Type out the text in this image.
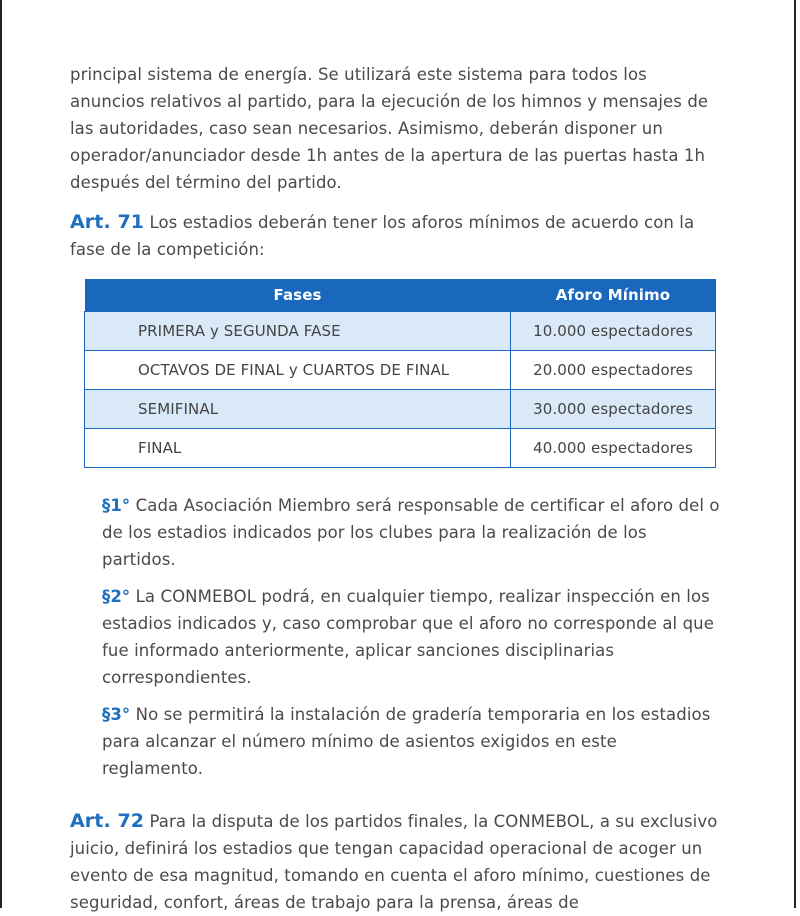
principal sistema de energía. Se utilizará este sistema para todos los anuncios relativos al partido, para la ejecución de los himnos y mensajes de las autoridades, caso sean necesarios. Asimismo, deberán disponer un operador/anunciador desde 1h antes de la apertura de las puertas hasta 1h después del término del partido.

Art. 71 Los estadios deberán tener los aforos mínimos de acuerdo con la fase de la competición:

Fases	Aforo Mínimo
PRIMERA y SEGUNDA FASE	10.000 espectadores
OCTAVOS DE FINAL y CUARTOS DE FINAL	20.000 espectadores
SEMIFINAL	30.000 espectadores
FINAL	40.000 espectadores

§1° Cada Asociación Miembro será responsable de certificar el aforo del o de los estadios indicados por los clubes para la realización de los partidos.

§2° La CONMEBOL podrá, en cualquier tiempo, realizar inspección en los estadios indicados y, caso comprobar que el aforo no corresponde al que fue informado anteriormente, aplicar sanciones disciplinarias correspondientes.

§3° No se permitirá la instalación de gradería temporaria en los estadios para alcanzar el número mínimo de asientos exigidos en este reglamento.

Art. 72 Para la disputa de los partidos finales, la CONMEBOL, a su exclusivo juicio, definirá los estadios que tengan capacidad operacional de acoger un evento de esa magnitud, tomando en cuenta el aforo mínimo, cuestiones de seguridad, confort, áreas de trabajo para la prensa, áreas de
